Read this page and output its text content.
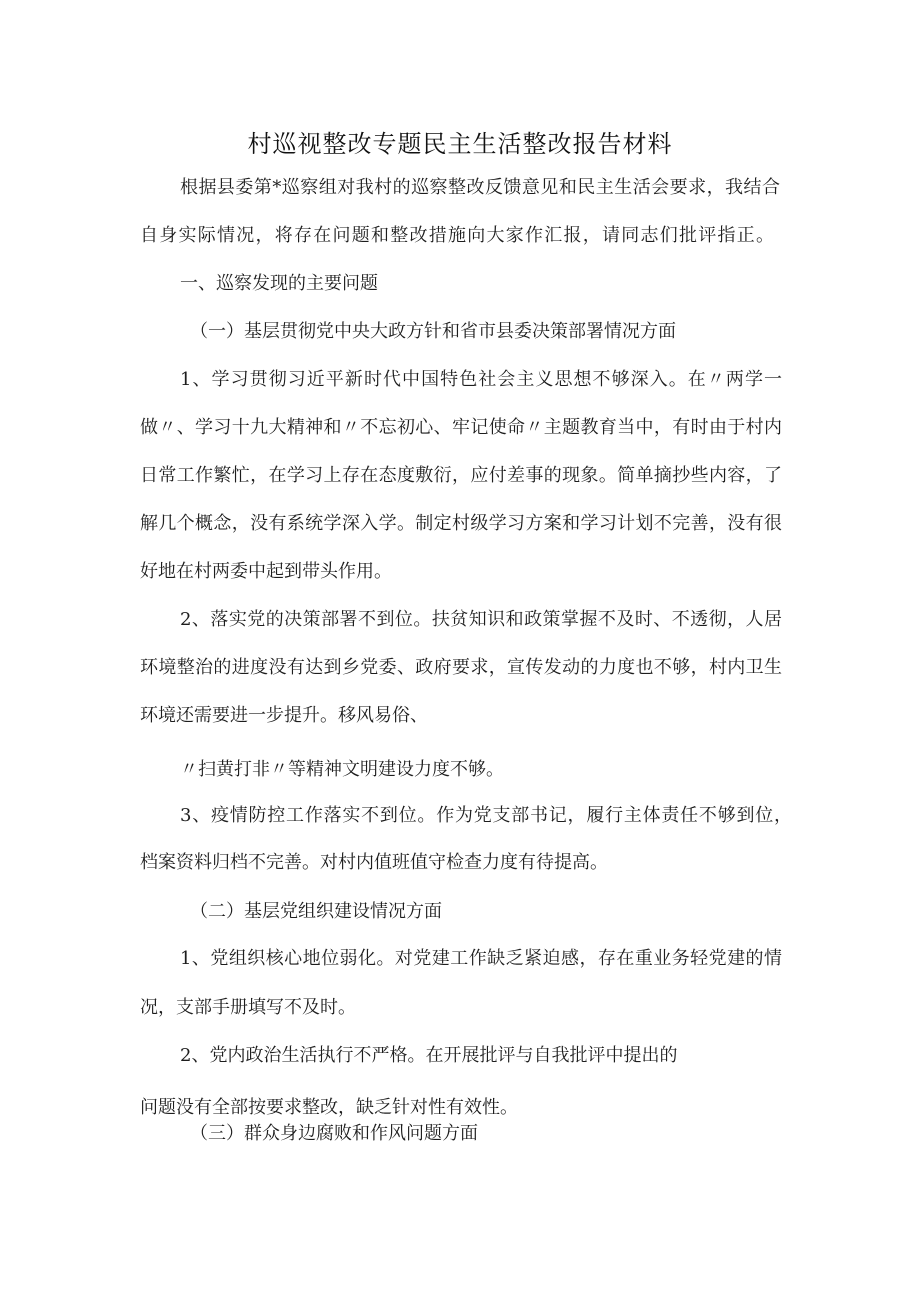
村巡视整改专题民主生活整改报告材料
根据县委第*巡察组对我村的巡察整改反馈意见和民主生活会要求，我结合
自身实际情况，将存在问题和整改措施向大家作汇报，请同志们批评指正。
一、巡察发现的主要问题
（一）基层贯彻党中央大政方针和省市县委决策部署情况方面
1、学习贯彻习近平新时代中国特色社会主义思想不够深入。在〃两学一
做〃、学习十九大精神和〃不忘初心、牢记使命〃主题教育当中，有时由于村内
日常工作繁忙，在学习上存在态度敷衍，应付差事的现象。简单摘抄些内容，了
解几个概念，没有系统学深入学。制定村级学习方案和学习计划不完善，没有很
好地在村两委中起到带头作用。
2、落实党的决策部署不到位。扶贫知识和政策掌握不及时、不透彻，人居
环境整治的进度没有达到乡党委、政府要求，宣传发动的力度也不够，村内卫生
环境还需要进一步提升。移风易俗、
〃扫黄打非〃等精神文明建设力度不够。
3、疫情防控工作落实不到位。作为党支部书记，履行主体责任不够到位，
档案资料归档不完善。对村内值班值守检查力度有待提高。
（二）基层党组织建设情况方面
1、党组织核心地位弱化。对党建工作缺乏紧迫感，存在重业务轻党建的情
况，支部手册填写不及时。
2、党内政治生活执行不严格。在开展批评与自我批评中提出的
问题没有全部按要求整改，缺乏针对性有效性。
（三）群众身边腐败和作风问题方面
